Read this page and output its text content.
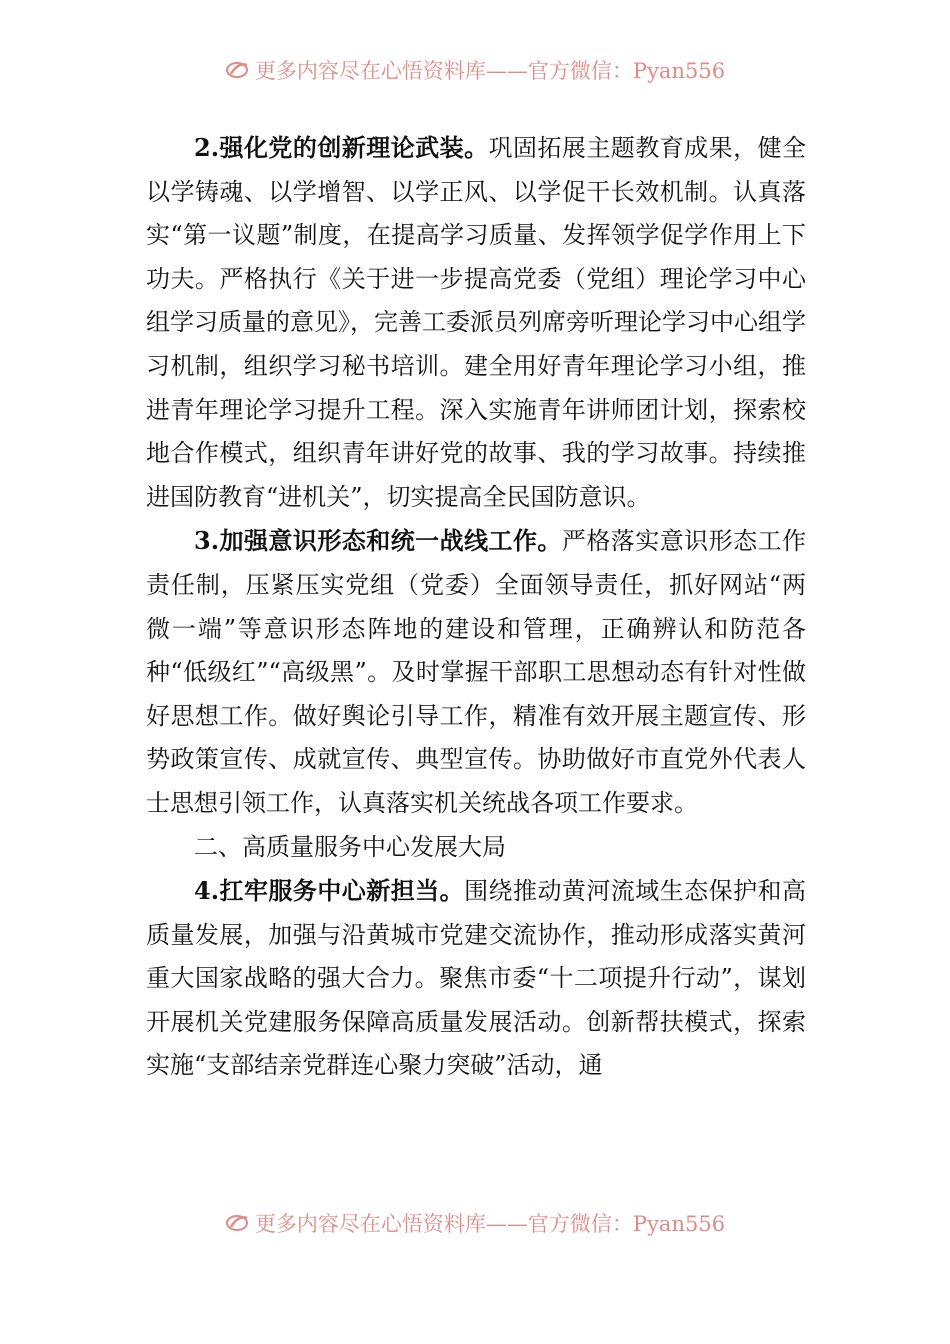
更多内容尽在心悟资料库——官方微信：Pyan556

2.强化党的创新理论武装。巩固拓展主题教育成果，健全以学铸魂、以学增智、以学正风、以学促干长效机制。认真落实“第一议题”制度，在提高学习质量、发挥领学促学作用上下功夫。严格执行《关于进一步提高党委（党组）理论学习中心组学习质量的意见》，完善工委派员列席旁听理论学习中心组学习机制，组织学习秘书培训。建全用好青年理论学习小组，推进青年理论学习提升工程。深入实施青年讲师团计划，探索校地合作模式，组织青年讲好党的故事、我的学习故事。持续推进国防教育“进机关”，切实提高全民国防意识。

3.加强意识形态和统一战线工作。严格落实意识形态工作责任制，压紧压实党组（党委）全面领导责任，抓好网站“两微一端”等意识形态阵地的建设和管理，正确辨认和防范各种“低级红”“高级黑”。及时掌握干部职工思想动态有针对性做好思想工作。做好舆论引导工作，精准有效开展主题宣传、形势政策宣传、成就宣传、典型宣传。协助做好市直党外代表人士思想引领工作，认真落实机关统战各项工作要求。

二、高质量服务中心发展大局

4.扛牢服务中心新担当。围绕推动黄河流域生态保护和高质量发展，加强与沿黄城市党建交流协作，推动形成落实黄河重大国家战略的强大合力。聚焦市委“十二项提升行动”，谋划开展机关党建服务保障高质量发展活动。创新帮扶模式，探索实施“支部结亲党群连心聚力突破”活动，通

更多内容尽在心悟资料库——官方微信：Pyan556
